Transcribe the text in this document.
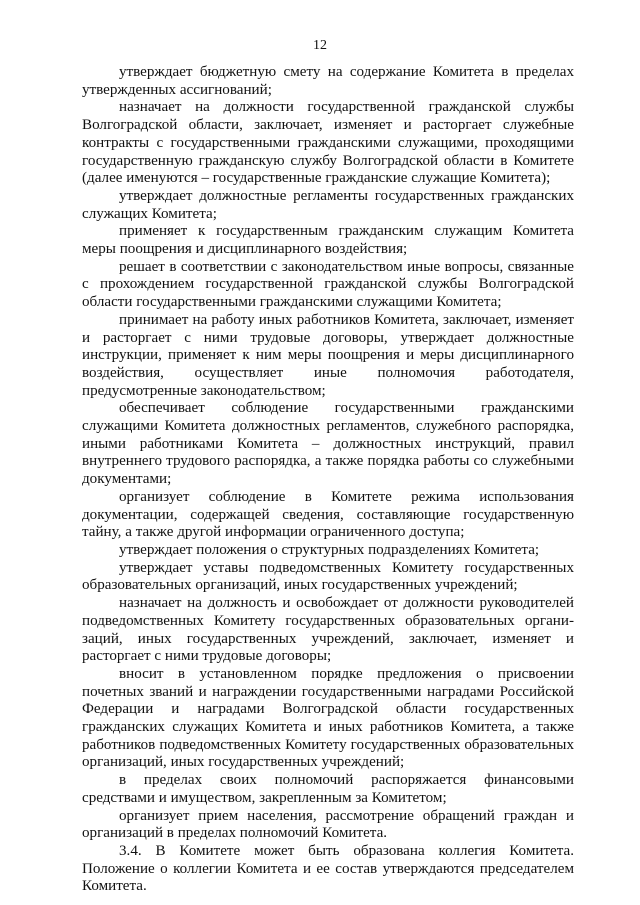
12

утверждает бюджетную смету на содержание Комитета в пределах утвержденных ассигнований;

назначает на должности государственной гражданской службы Волгоградской области, заключает, изменяет и расторгает служебные контракты с государственными гражданскими служащими, проходящими государственную гражданскую службу Волгоградской области в Комитете (далее именуются – государственные гражданские служащие Комитета);

утверждает должностные регламенты государственных гражданских служащих Комитета;

применяет к государственным гражданским служащим Комитета меры поощрения и дисциплинарного воздействия;

решает в соответствии с законодательством иные вопросы, связанные с прохождением государственной гражданской службы Волгоградской области государственными гражданскими служащими Комитета;

принимает на работу иных работников Комитета, заключает, изменяет и расторгает с ними трудовые договоры, утверждает должностные инструкции, применяет к ним меры поощрения и меры дисциплинарного воздействия, осуществляет иные полномочия работодателя, предусмотренные законодательством;

обеспечивает соблюдение государственными гражданскими служащими Комитета должностных регламентов, служебного распорядка, иными работниками Комитета – должностных инструкций, правил внутреннего трудового распорядка, а также порядка работы со служебными документами;

организует соблюдение в Комитете режима использования документации, содержащей сведения, составляющие государственную тайну, а также другой информации ограниченного доступа;

утверждает положения о структурных подразделениях Комитета;

утверждает уставы подведомственных Комитету государственных образовательных организаций, иных государственных учреждений;

назначает на должность и освобождает от должности руководителей подведомственных Комитету государственных образовательных организаций, иных государственных учреждений, заключает, изменяет и расторгает с ними трудовые договоры;

вносит в установленном порядке предложения о присвоении почетных званий и награждении государственными наградами Российской Федерации и наградами Волгоградской области государственных гражданских служащих Комитета и иных работников Комитета, а также работников подведомственных Комитету государственных образовательных организаций, иных государственных учреждений;

в пределах своих полномочий распоряжается финансовыми средствами и имуществом, закрепленным за Комитетом;

организует прием населения, рассмотрение обращений граждан и организаций в пределах полномочий Комитета.

3.4. В Комитете может быть образована коллегия Комитета. Положение о коллегии Комитета и ее состав утверждаются председателем Комитета.
